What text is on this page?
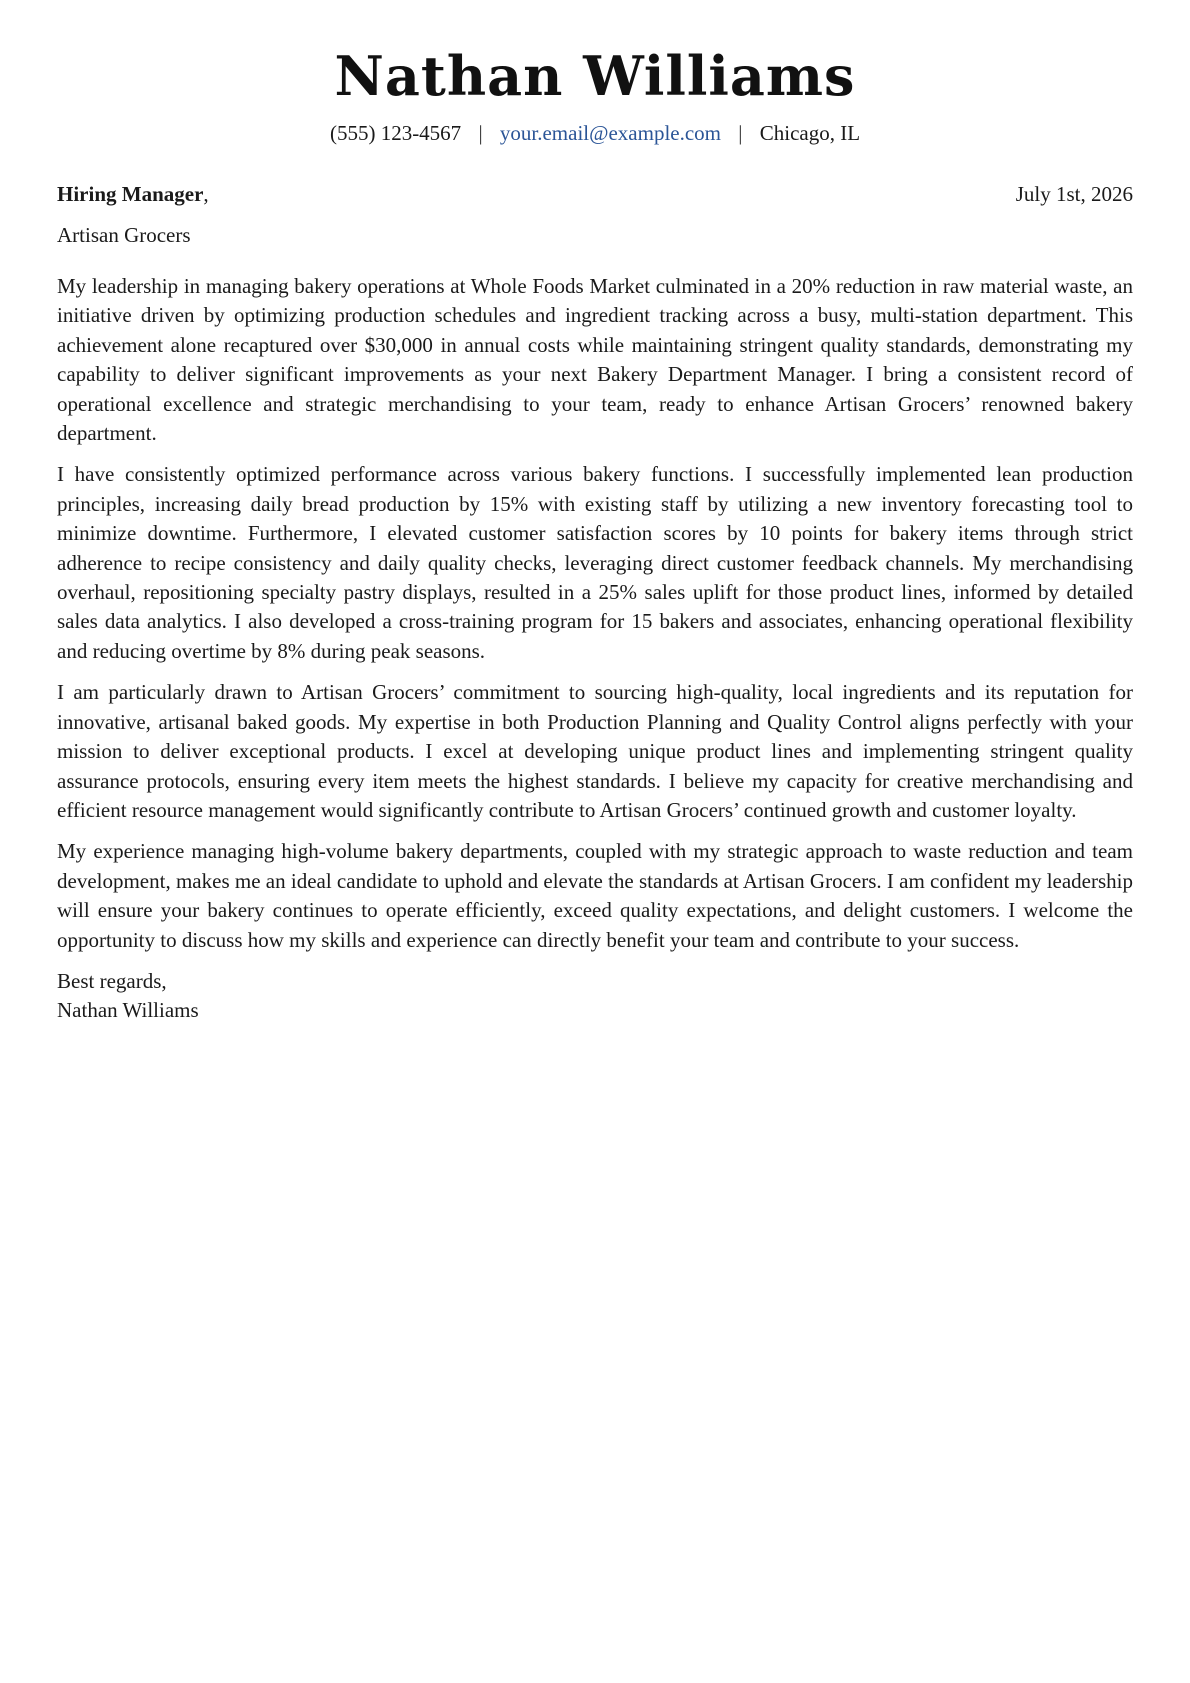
Nathan Williams
(555) 123-4567 | your.email@example.com | Chicago, IL
Hiring Manager,	July 1st, 2026
Artisan Grocers

My leadership in managing bakery operations at Whole Foods Market culminated in a 20% reduction in raw material waste, an initiative driven by optimizing production schedules and ingredient tracking across a busy, multi-station department. This achievement alone recaptured over $30,000 in annual costs while maintaining stringent quality standards, demonstrating my capability to deliver significant improvements as your next Bakery Department Manager. I bring a consistent record of operational excellence and strategic merchandising to your team, ready to enhance Artisan Grocers’ renowned bakery department.

I have consistently optimized performance across various bakery functions. I successfully implemented lean production principles, increasing daily bread production by 15% with existing staff by utilizing a new inventory forecasting tool to minimize downtime. Furthermore, I elevated customer satisfaction scores by 10 points for bakery items through strict adherence to recipe consistency and daily quality checks, leveraging direct customer feedback channels. My merchandising overhaul, repositioning specialty pastry displays, resulted in a 25% sales uplift for those product lines, informed by detailed sales data analytics. I also developed a cross-training program for 15 bakers and associates, enhancing operational flexibility and reducing overtime by 8% during peak seasons.

I am particularly drawn to Artisan Grocers’ commitment to sourcing high-quality, local ingredients and its reputation for innovative, artisanal baked goods. My expertise in both Production Planning and Quality Control aligns perfectly with your mission to deliver exceptional products. I excel at developing unique product lines and implementing stringent quality assurance protocols, ensuring every item meets the highest standards. I believe my capacity for creative merchandising and efficient resource management would significantly contribute to Artisan Grocers’ continued growth and customer loyalty.

My experience managing high-volume bakery departments, coupled with my strategic approach to waste reduction and team development, makes me an ideal candidate to uphold and elevate the standards at Artisan Grocers. I am confident my leadership will ensure your bakery continues to operate efficiently, exceed quality expectations, and delight customers. I welcome the opportunity to discuss how my skills and experience can directly benefit your team and contribute to your success.

Best regards,
Nathan Williams
